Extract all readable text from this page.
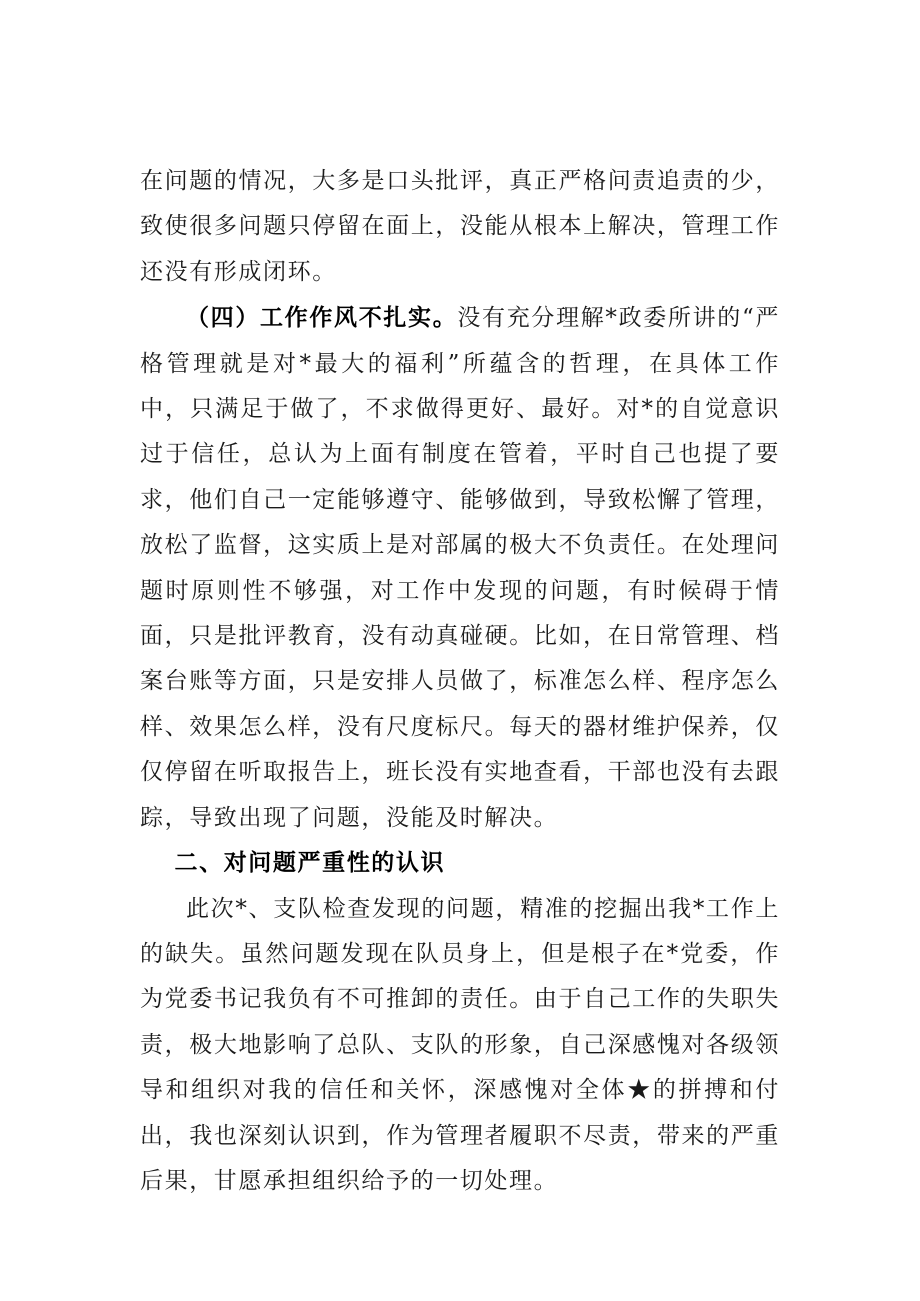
在问题的情况，大多是口头批评，真正严格问责追责的少，致使很多问题只停留在面上，没能从根本上解决，管理工作还没有形成闭环。

（四）工作作风不扎实。没有充分理解*政委所讲的“严格管理就是对*最大的福利”所蕴含的哲理，在具体工作中，只满足于做了，不求做得更好、最好。对*的自觉意识过于信任，总认为上面有制度在管着，平时自己也提了要求，他们自己一定能够遵守、能够做到，导致松懈了管理，放松了监督，这实质上是对部属的极大不负责任。在处理问题时原则性不够强，对工作中发现的问题，有时候碍于情面，只是批评教育，没有动真碰硬。比如，在日常管理、档案台账等方面，只是安排人员做了，标准怎么样、程序怎么样、效果怎么样，没有尺度标尺。每天的器材维护保养，仅仅停留在听取报告上，班长没有实地查看，干部也没有去跟踪，导致出现了问题，没能及时解决。

二、对问题严重性的认识

此次*、支队检查发现的问题，精准的挖掘出我*工作上的缺失。虽然问题发现在队员身上，但是根子在*党委，作为党委书记我负有不可推卸的责任。由于自己工作的失职失责，极大地影响了总队、支队的形象，自己深感愧对各级领导和组织对我的信任和关怀，深感愧对全体★的拼搏和付出，我也深刻认识到，作为管理者履职不尽责，带来的严重后果，甘愿承担组织给予的一切处理。
